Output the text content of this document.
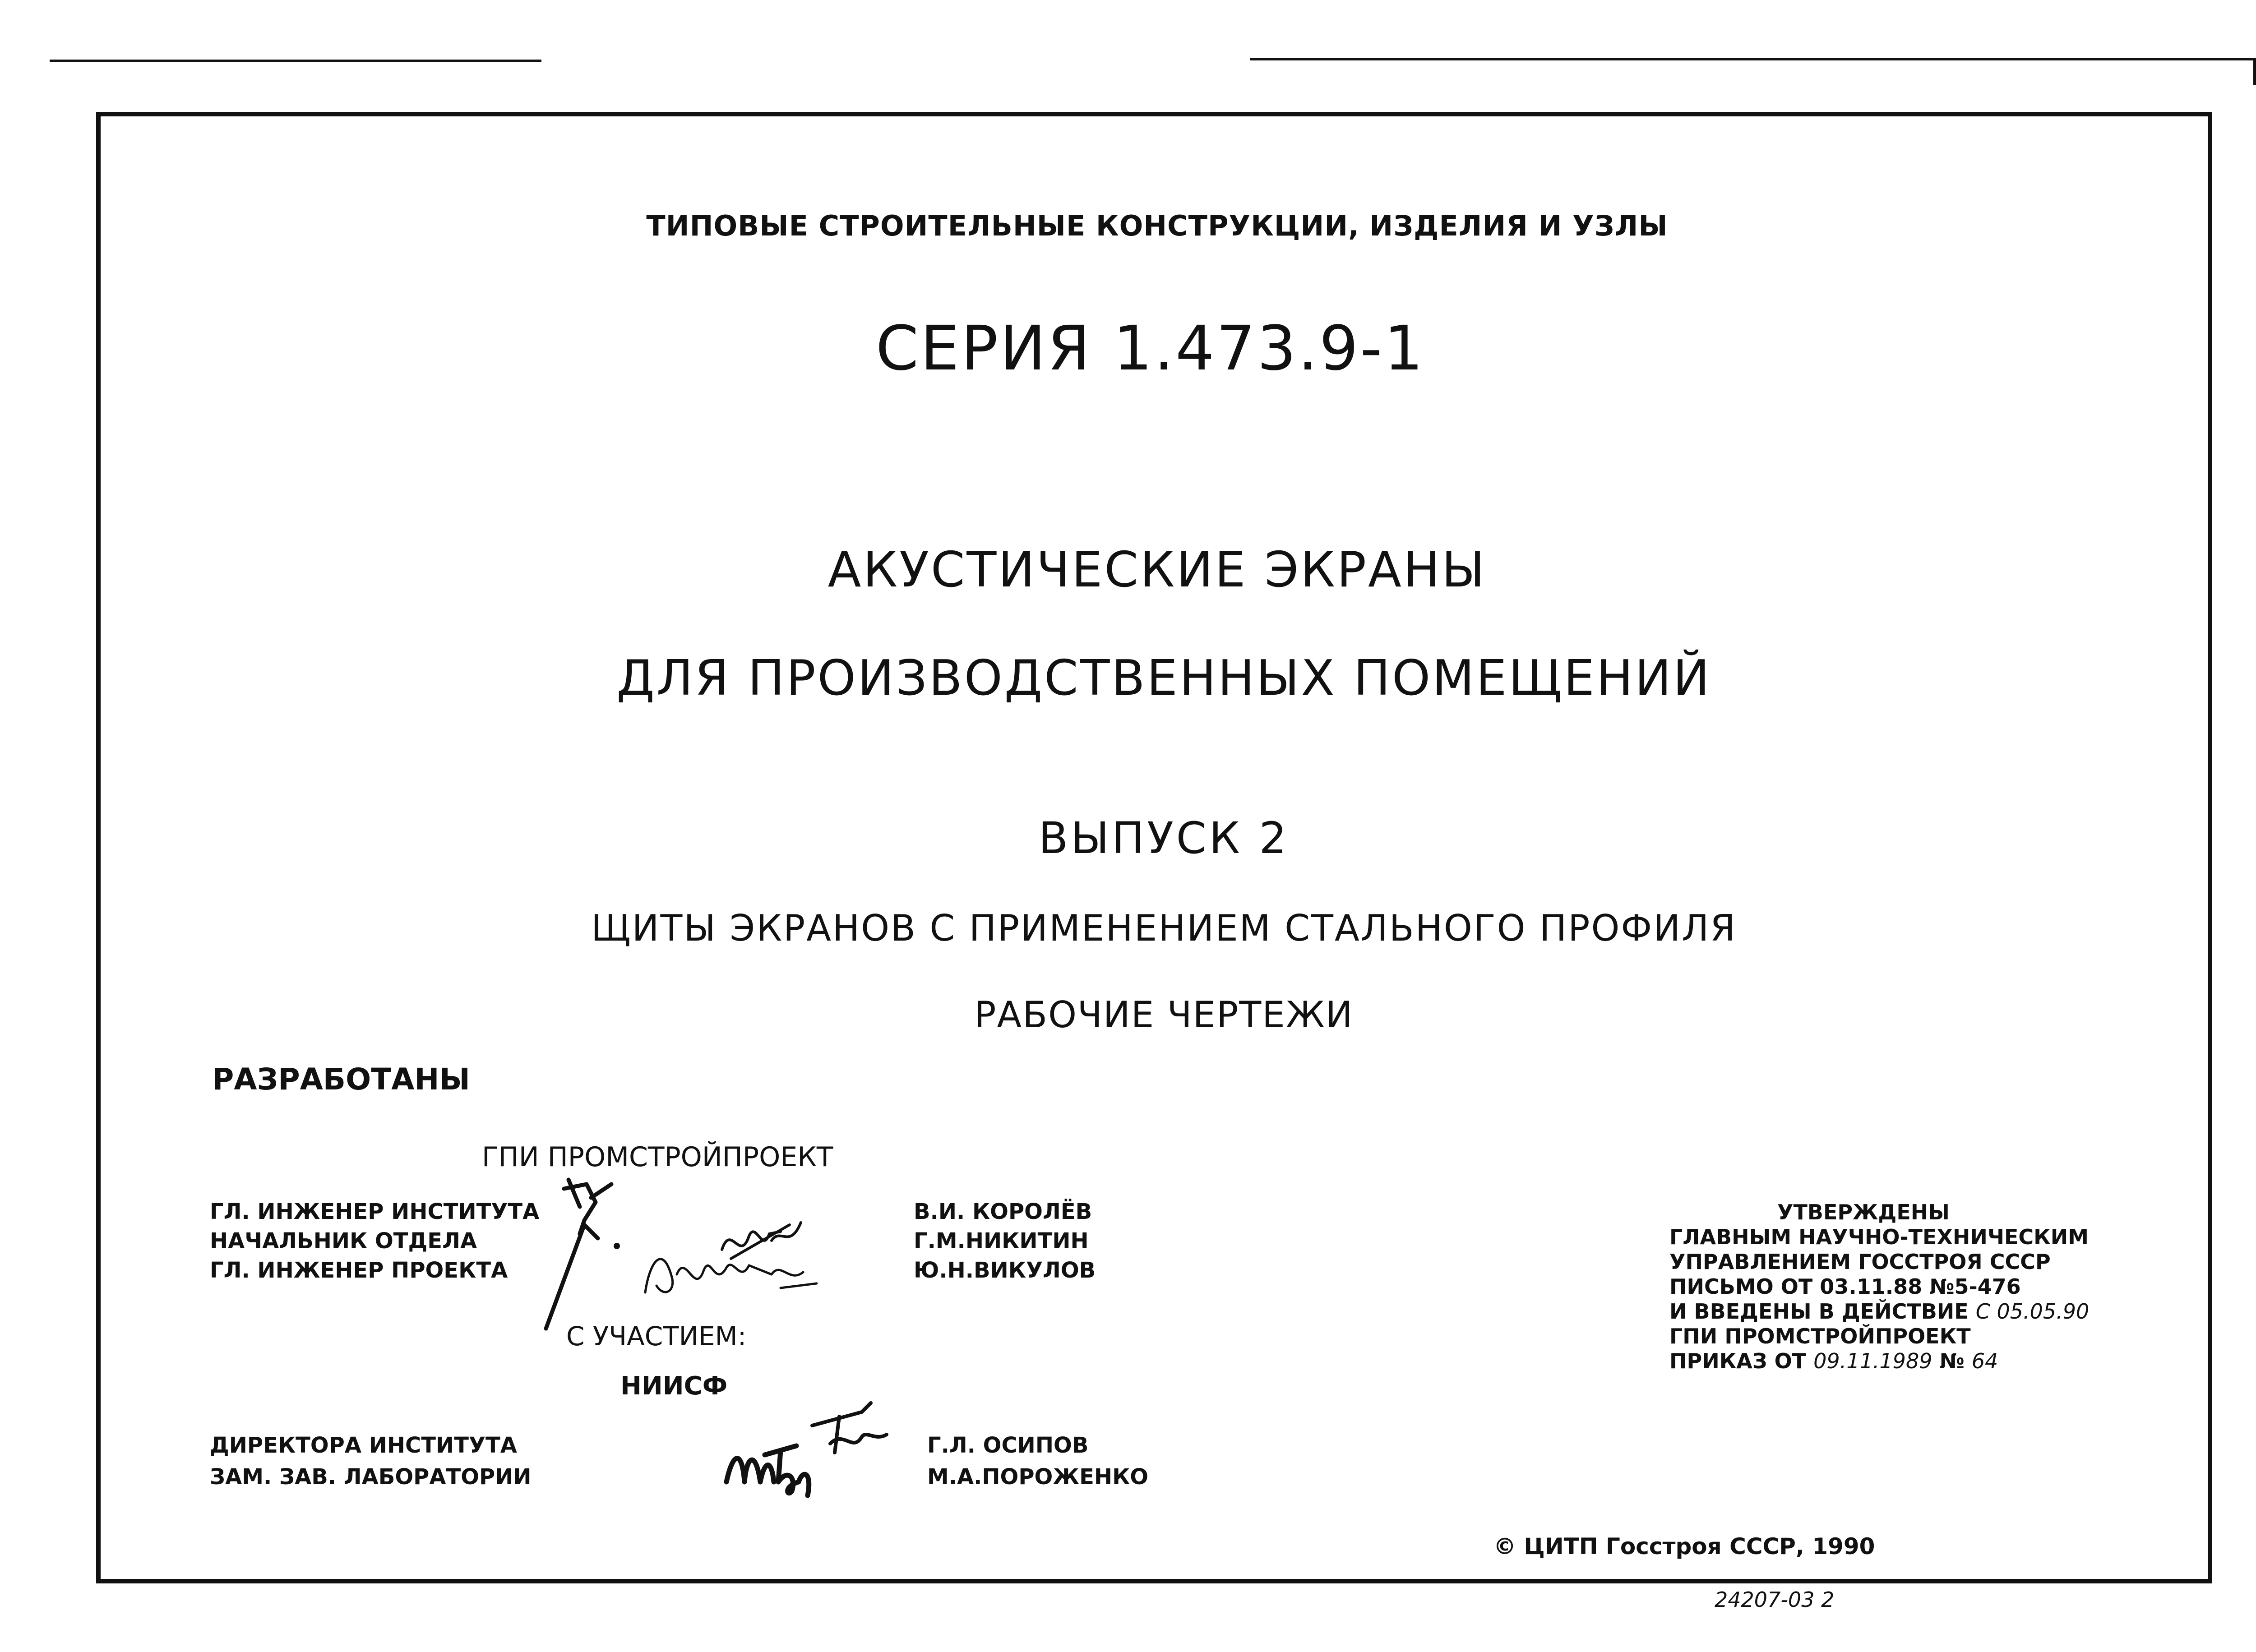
ТИПОВЫЕ СТРОИТЕЛЬНЫЕ КОНСТРУКЦИИ, ИЗДЕЛИЯ И УЗЛЫ
СЕРИЯ 1.473.9-1
АКУСТИЧЕСКИЕ ЭКРАНЫ
ДЛЯ ПРОИЗВОДСТВЕННЫХ ПОМЕЩЕНИЙ
ВЫПУСК 2
ЩИТЫ ЭКРАНОВ С ПРИМЕНЕНИЕМ СТАЛЬНОГО ПРОФИЛЯ
РАБОЧИЕ ЧЕРТЕЖИ
РАЗРАБОТАНЫ
ГПИ ПРОМСТРОЙПРОЕКТ
ГЛ. ИНЖЕНЕР ИНСТИТУТА
НАЧАЛЬНИК ОТДЕЛА
ГЛ. ИНЖЕНЕР ПРОЕКТА
В.И. КОРОЛЁВ
Г.М.НИКИТИН
Ю.Н.ВИКУЛОВ
С УЧАСТИЕМ:
НИИСФ
ДИРЕКТОРА ИНСТИТУТА
ЗАМ. ЗАВ. ЛАБОРАТОРИИ
Г.Л. ОСИПОВ
М.А.ПОРОЖЕНКО
УТВЕРЖДЕНЫ
ГЛАВНЫМ НАУЧНО-ТЕХНИЧЕСКИМ
УПРАВЛЕНИЕМ ГОССТРОЯ СССР
ПИСЬМО ОТ 03.11.88 №5-476
И ВВЕДЕНЫ В ДЕЙСТВИЕ С 05.05.90
ГПИ ПРОМСТРОЙПРОЕКТ
ПРИКАЗ ОТ 09.11.1989 № 64
© ЦИТП Госстроя СССР, 1990
24207-03 2
